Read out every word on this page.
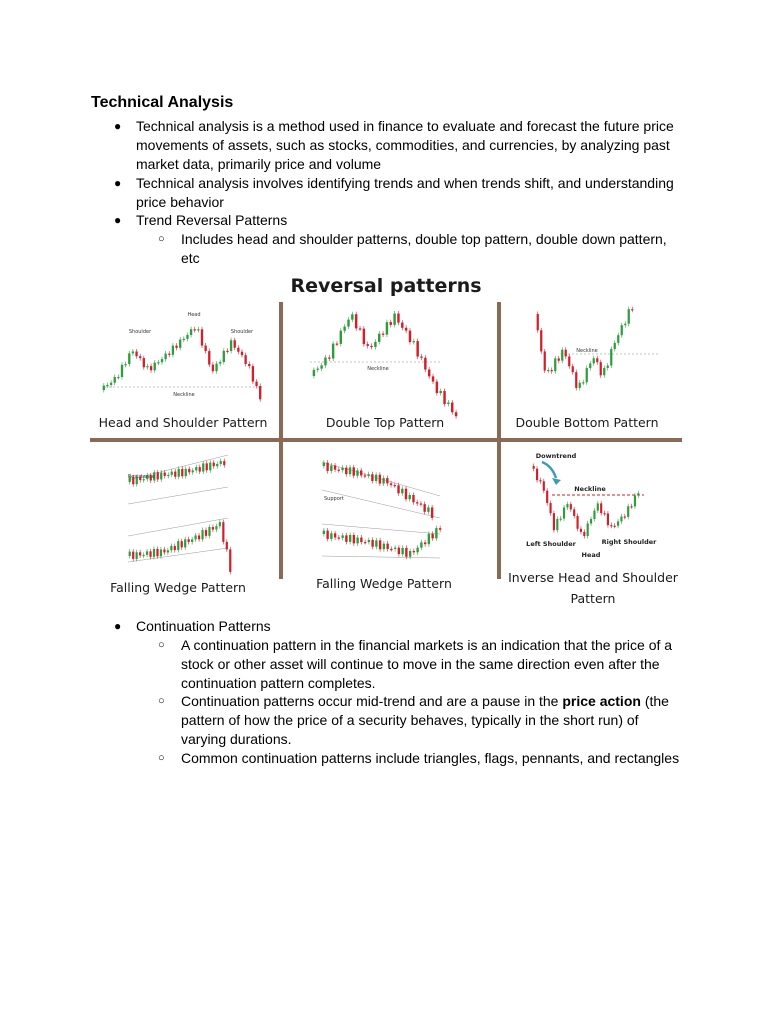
Technical Analysis
● Technical analysis is a method used in finance to evaluate and forecast the future price movements of assets, such as stocks, commodities, and currencies, by analyzing past market data, primarily price and volume
● Technical analysis involves identifying trends and when trends shift, and understanding price behavior
● Trend Reversal Patterns
○ Includes head and shoulder patterns, double top pattern, double down pattern, etc
Reversal patterns
Head
Shoulder	Shoulder
Neckline
Head and Shoulder Pattern
Neckline
Double Top Pattern
Neckline
Double Bottom Pattern
Resistance
Falling Wedge Pattern
Support
Falling Wedge Pattern
Downtrend
Neckline
Left Shoulder
Head
Right Shoulder
Inverse Head and Shoulder
Pattern
● Continuation Patterns
○ A continuation pattern in the financial markets is an indication that the price of a stock or other asset will continue to move in the same direction even after the continuation pattern completes.
○ Continuation patterns occur mid-trend and are a pause in the price action (the pattern of how the price of a security behaves, typically in the short run) of varying durations.
○ Common continuation patterns include triangles, flags, pennants, and rectangles
